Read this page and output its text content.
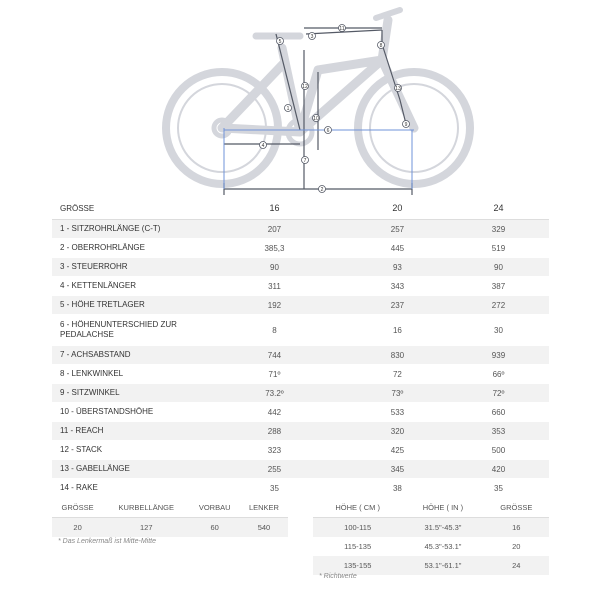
1
2
3
4
5
6
7
8
9
10
11
12	13
GRÖSSE	16	20	24
1 - SITZROHRLÄNGE (C-T)	207	257	329
2 - OBERROHRLÄNGE	385,3	445	519
3 - STEUERROHR	90	93	90
4 - KETTENLÄNGER	311	343	387
5 - HÖHE TRETLAGER	192	237	272
6 - HÖHENUNTERSCHIED ZUR PEDALACHSE	8	16	30
7 - ACHSABSTAND	744	830	939
8 - LENKWINKEL	71º	72	66º
9 - SITZWINKEL	73.2º	73º	72º
10 - ÜBERSTANDSHÖHE	442	533	660
11 - REACH	288	320	353
12 - STACK	323	425	500
13 - GABELLÄNGE	255	345	420
14 - RAKE	35	38	35
GRÖSSE	KURBELLÄNGE	VORBAU	LENKER
20	127	60	540
* Das Lenkermaß ist Mitte-Mitte
HÖHE ( CM )	HÖHE ( IN )	GRÖSSE
100-115	31.5"-45.3"	16
115-135	45.3"-53.1"	20
135-155	53.1"-61.1"	24
* Richtwerte
